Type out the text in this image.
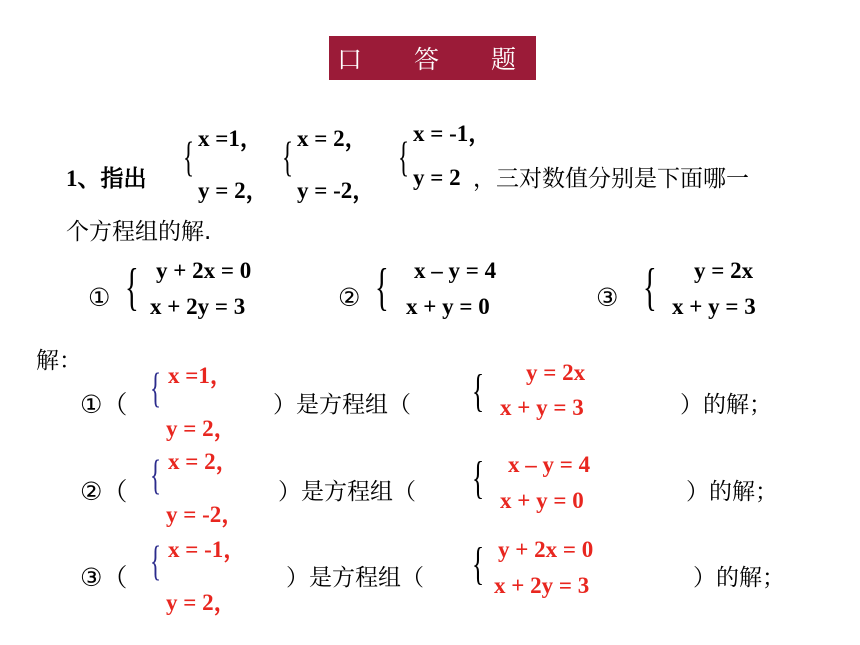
口 答 题
1、指出 { x =1，
y = 2，
{ x = 2，
y = -2，
{
x = -1，
y = 2 ，三对数值分别是下面哪一
个方程组的解.
① { y + 2x = 0
x + 2y = 3	② { x – y = 4
x + y = 0	③ { y = 2x
x + y = 3
解：
①（ { x =1，
y = 2，
）是方程组（ { y = 2x
x + y = 3	）的解；
②（ { x = 2，
y = -2，
）是方程组（ { x – y = 4
x + y = 0	）的解；
③（ { x = -1，
y = 2，
）是方程组（ { y + 2x = 0
x + 2y = 3	）的解；
